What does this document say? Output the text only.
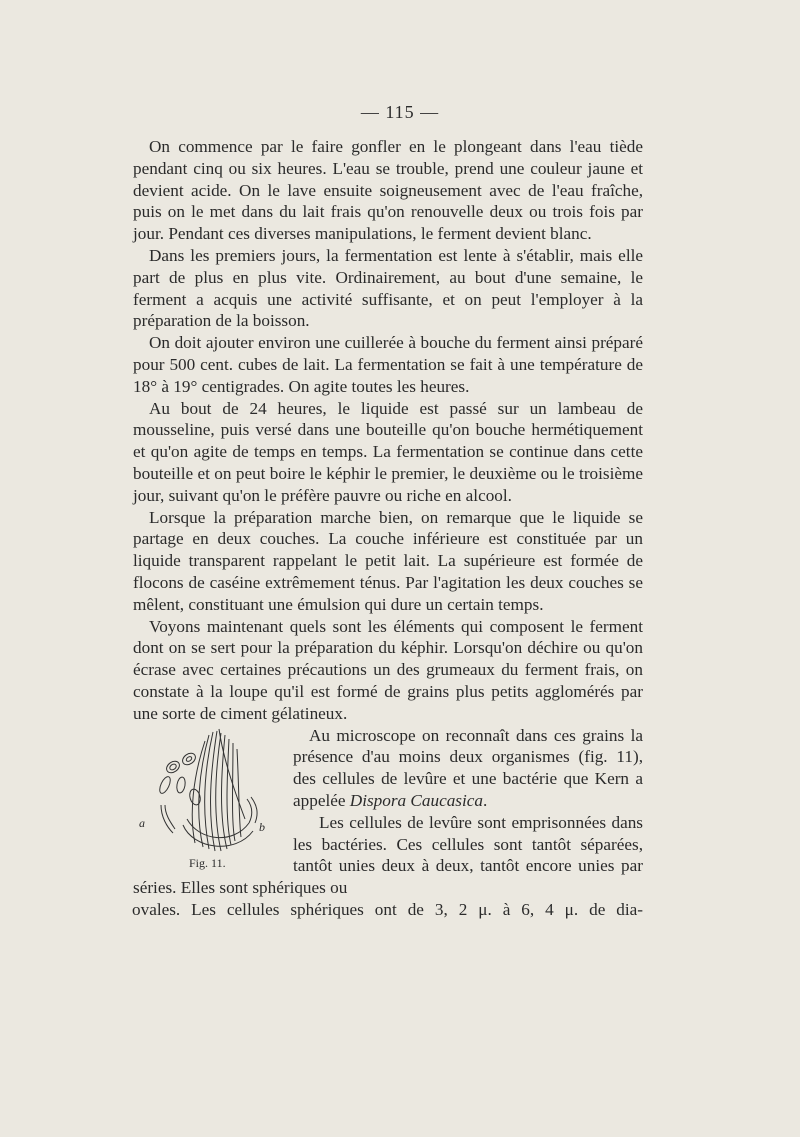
— 115 —

On commence par le faire gonfler en le plongeant dans l'eau tiède pendant cinq ou six heures. L'eau se trouble, prend une couleur jaune et devient acide. On le lave ensuite soigneusement avec de l'eau fraîche, puis on le met dans du lait frais qu'on renouvelle deux ou trois fois par jour. Pendant ces diverses manipulations, le ferment devient blanc.

Dans les premiers jours, la fermentation est lente à s'établir, mais elle part de plus en plus vite. Ordinairement, au bout d'une semaine, le ferment a acquis une activité suffisante, et on peut l'employer à la préparation de la boisson.

On doit ajouter environ une cuillerée à bouche du ferment ainsi préparé pour 500 cent. cubes de lait. La fermentation se fait à une température de 18° à 19° centigrades. On agite toutes les heures.

Au bout de 24 heures, le liquide est passé sur un lambeau de mousseline, puis versé dans une bouteille qu'on bouche hermétiquement et qu'on agite de temps en temps. La fermentation se continue dans cette bouteille et on peut boire le képhir le premier, le deuxième ou le troisième jour, suivant qu'on le préfère pauvre ou riche en alcool.

Lorsque la préparation marche bien, on remarque que le liquide se partage en deux couches. La couche inférieure est constituée par un liquide transparent rappelant le petit lait. La supérieure est formée de flocons de caséine extrêmement ténus. Par l'agitation les deux couches se mêlent, constituant une émulsion qui dure un certain temps.

Voyons maintenant quels sont les éléments qui composent le ferment dont on se sert pour la préparation du képhir. Lorsqu'on déchire ou qu'on écrase avec certaines précautions un des grumeaux du ferment frais, on constate à la loupe qu'il est formé de grains plus petits agglomérés par une sorte de ciment gélatineux.

a	b
Fig. 11.

Au microscope on reconnaît dans ces grains la présence d'au moins deux organismes (fig. 11), des cellules de levûre et une bactérie que Kern a appelée Dispora Caucasica.

Les cellules de levûre sont emprisonnées dans les bactéries. Ces cellules sont tantôt séparées, tantôt unies deux à deux, tantôt encore unies par séries. Elles sont sphériques ou

ovales. Les cellules sphériques ont de 3, 2 μ. à 6, 4 μ. de dia-
